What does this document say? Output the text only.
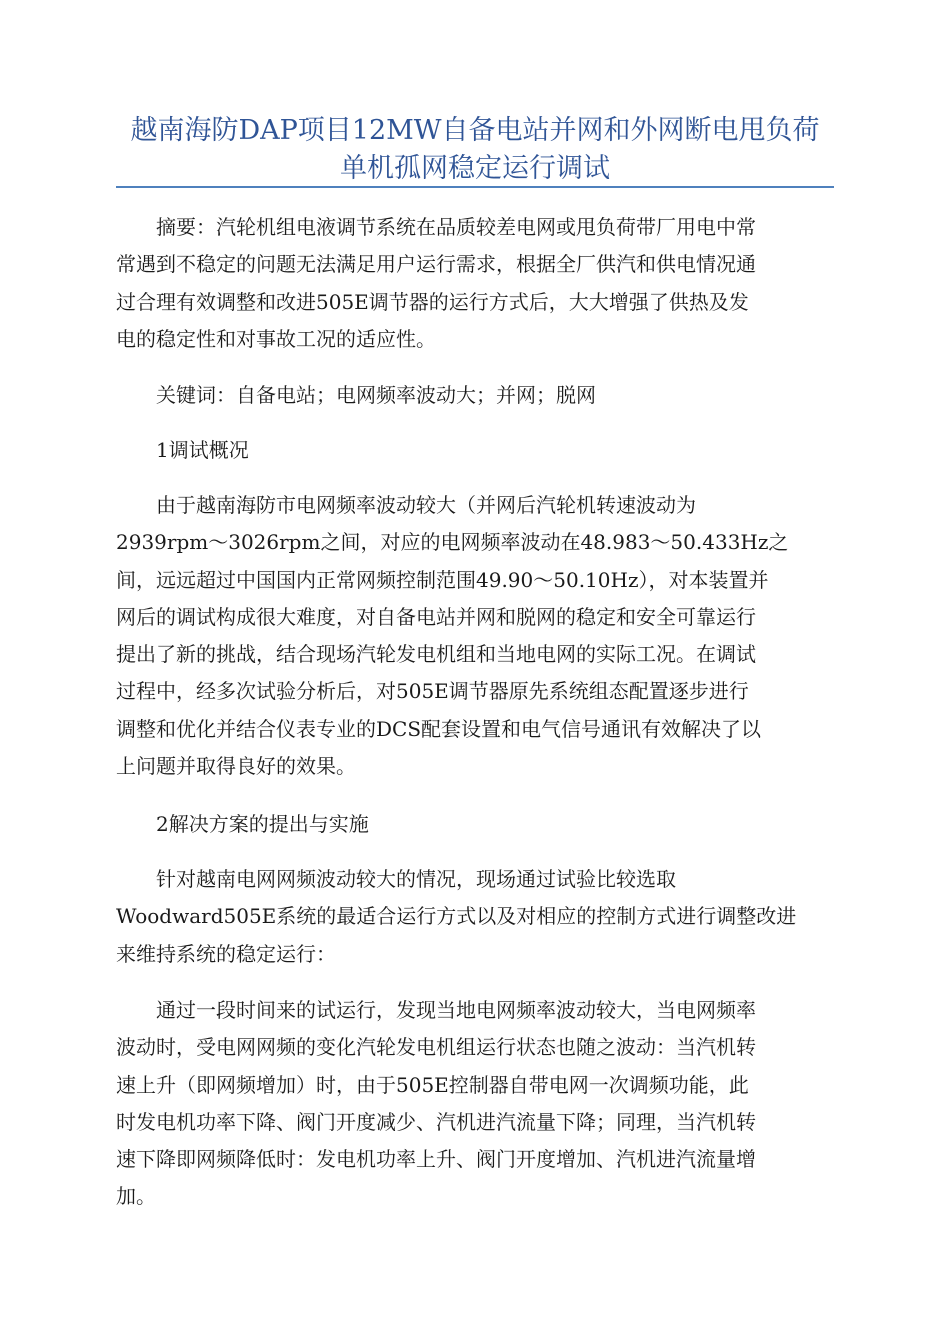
越南海防DAP项目12MW自备电站并网和外网断电甩负荷
单机孤网稳定运行调试
摘要：汽轮机组电液调节系统在品质较差电网或甩负荷带厂用电中常
常遇到不稳定的问题无法满足用户运行需求，根据全厂供汽和供电情况通
过合理有效调整和改进505E调节器的运行方式后，大大增强了供热及发
电的稳定性和对事故工况的适应性。
关键词：自备电站；电网频率波动大；并网；脱网
1调试概况
由于越南海防市电网频率波动较大（并网后汽轮机转速波动为
2939rpm～3026rpm之间，对应的电网频率波动在48.983～50.433Hz之
间，远远超过中国国内正常网频控制范围49.90～50.10Hz），对本装置并
网后的调试构成很大难度，对自备电站并网和脱网的稳定和安全可靠运行
提出了新的挑战，结合现场汽轮发电机组和当地电网的实际工况。在调试
过程中，经多次试验分析后，对505E调节器原先系统组态配置逐步进行
调整和优化并结合仪表专业的DCS配套设置和电气信号通讯有效解决了以
上问题并取得良好的效果。
2解决方案的提出与实施
针对越南电网网频波动较大的情况，现场通过试验比较选取
Woodward505E系统的最适合运行方式以及对相应的控制方式进行调整改进
来维持系统的稳定运行：
通过一段时间来的试运行，发现当地电网频率波动较大，当电网频率
波动时，受电网网频的变化汽轮发电机组运行状态也随之波动：当汽机转
速上升（即网频增加）时，由于505E控制器自带电网一次调频功能，此
时发电机功率下降、阀门开度减少、汽机进汽流量下降；同理，当汽机转
速下降即网频降低时：发电机功率上升、阀门开度增加、汽机进汽流量增
加。
